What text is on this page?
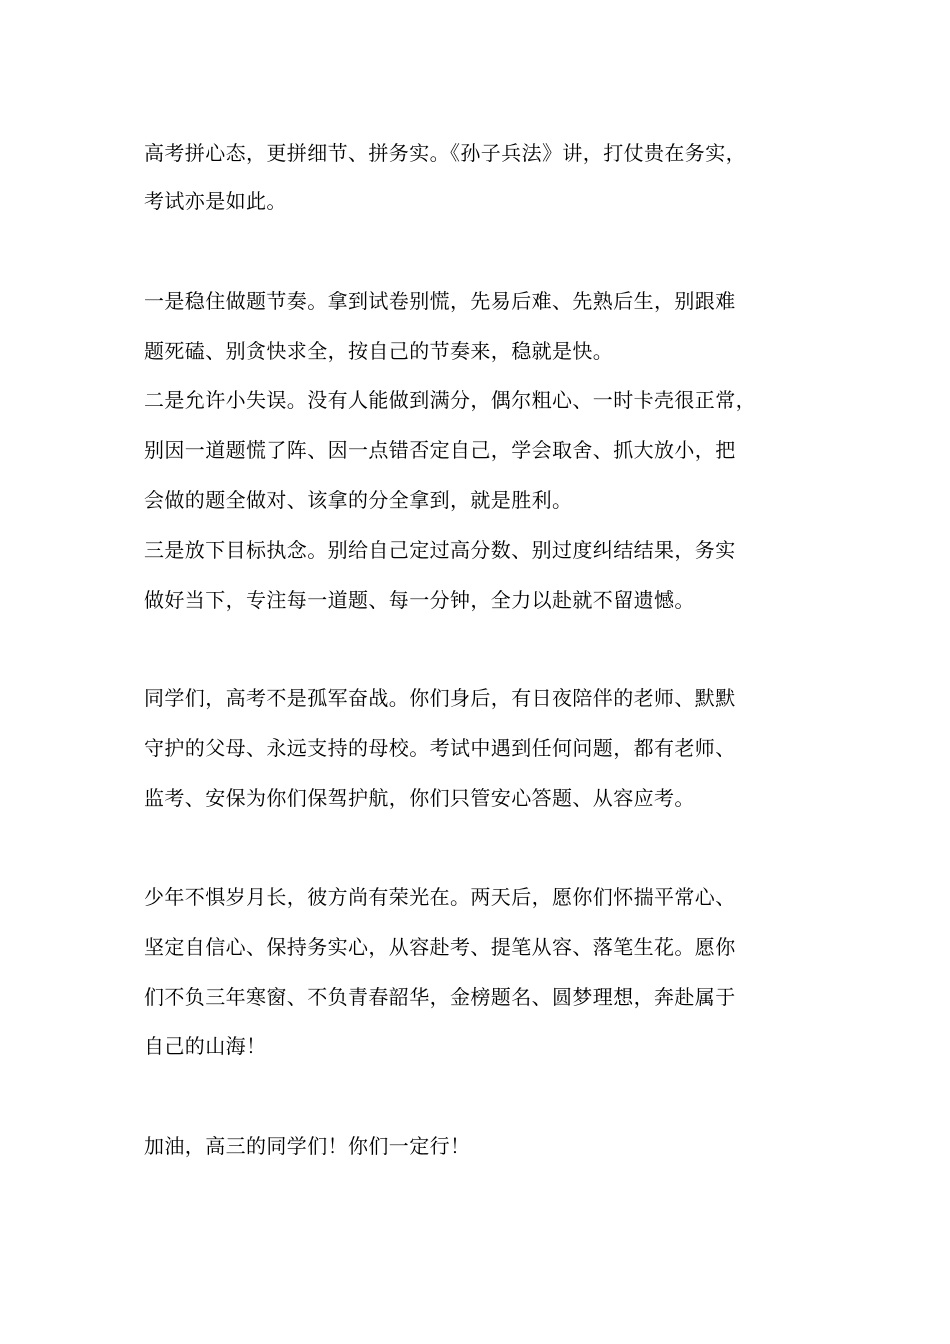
高考拼心态，更拼细节、拼务实。《孙子兵法》讲，打仗贵在务实，

考试亦是如此。

一是稳住做题节奏。拿到试卷别慌，先易后难、先熟后生，别跟难

题死磕、别贪快求全，按自己的节奏来，稳就是快。

二是允许小失误。没有人能做到满分，偶尔粗心、一时卡壳很正常，

别因一道题慌了阵、因一点错否定自己，学会取舍、抓大放小，把

会做的题全做对、该拿的分全拿到，就是胜利。

三是放下目标执念。别给自己定过高分数、别过度纠结结果，务实

做好当下，专注每一道题、每一分钟，全力以赴就不留遗憾。

同学们，高考不是孤军奋战。你们身后，有日夜陪伴的老师、默默

守护的父母、永远支持的母校。考试中遇到任何问题，都有老师、

监考、安保为你们保驾护航，你们只管安心答题、从容应考。

少年不惧岁月长，彼方尚有荣光在。两天后，愿你们怀揣平常心、

坚定自信心、保持务实心，从容赴考、提笔从容、落笔生花。愿你

们不负三年寒窗、不负青春韶华，金榜题名、圆梦理想，奔赴属于

自己的山海！

加油，高三的同学们！你们一定行！
